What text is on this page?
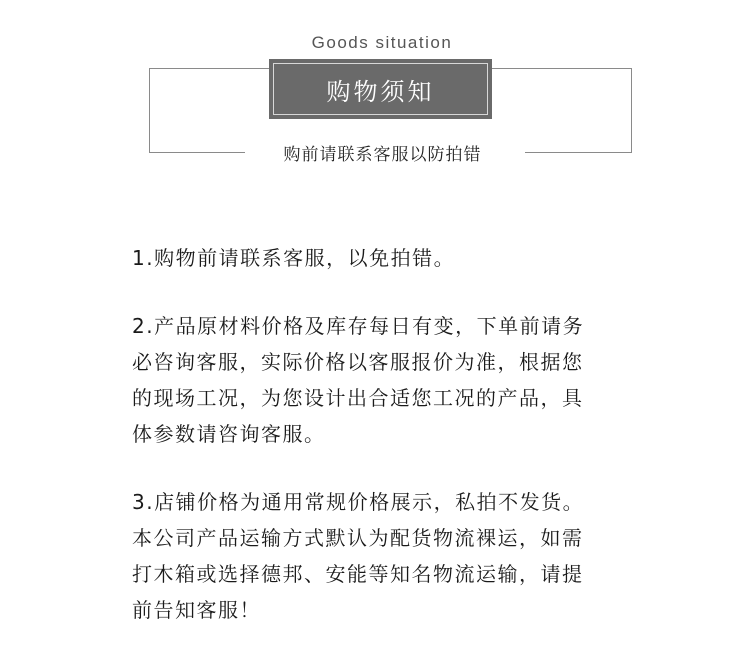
Goods situation
购物须知
购前请联系客服以防拍错

1.购物前请联系客服，以免拍错。

2.产品原材料价格及库存每日有变，下单前请务
必咨询客服，实际价格以客服报价为准，根据您
的现场工况，为您设计出合适您工况的产品，具
体参数请咨询客服。

3.店铺价格为通用常规价格展示，私拍不发货。
本公司产品运输方式默认为配货物流裸运，如需
打木箱或选择德邦、安能等知名物流运输，请提
前告知客服！
